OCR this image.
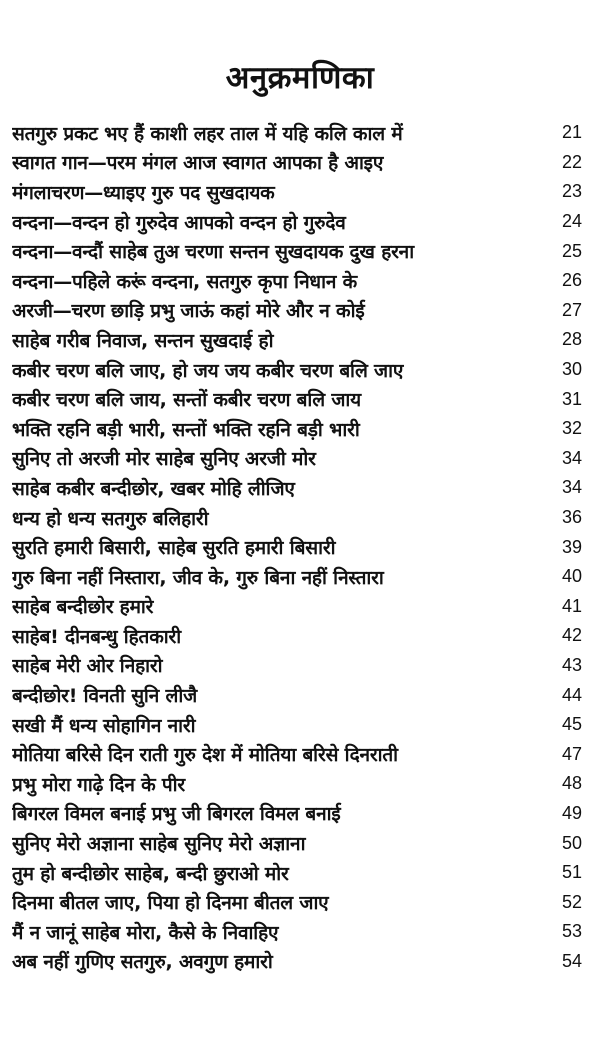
अनुक्रमणिका
सतगुरु प्रकट भए हैं काशी लहर ताल में यहि कलि काल में	21
स्वागत गान—परम मंगल आज स्वागत आपका है आइए	22
मंगलाचरण—ध्याइए गुरु पद सुखदायक	23
वन्दना—वन्दन हो गुरुदेव आपको वन्दन हो गुरुदेव	24
वन्दना—वन्दौं साहेब तुअ चरणा सन्तन सुखदायक दुख हरना	25
वन्दना—पहिले करूं वन्दना, सतगुरु कृपा निधान के	26
अरजी—चरण छाड़ि प्रभु जाऊं कहां मोरे और न कोई	27
साहेब गरीब निवाज, सन्तन सुखदाई हो	28
कबीर चरण बलि जाए, हो जय जय कबीर चरण बलि जाए	30
कबीर चरण बलि जाय, सन्तों कबीर चरण बलि जाय	31
भक्ति रहनि बड़ी भारी, सन्तों भक्ति रहनि बड़ी भारी	32
सुनिए तो अरजी मोर साहेब सुनिए अरजी मोर	34
साहेब कबीर बन्दीछोर, खबर मोहि लीजिए	34
धन्य हो धन्य सतगुरु बलिहारी	36
सुरति हमारी बिसारी, साहेब सुरति हमारी बिसारी	39
गुरु बिना नहीं निस्तारा, जीव के, गुरु बिना नहीं निस्तारा	40
साहेब बन्दीछोर हमारे	41
साहेब! दीनबन्धु हितकारी	42
साहेब मेरी ओर निहारो	43
बन्दीछोर! विनती सुनि लीजै	44
सखी मैं धन्य सोहागिन नारी	45
मोतिया बरिसे दिन राती गुरु देश में मोतिया बरिसे दिनराती	47
प्रभु मोरा गाढ़े दिन के पीर	48
बिगरल विमल बनाई प्रभु जी बिगरल विमल बनाई	49
सुनिए मेरो अज्ञाना साहेब सुनिए मेरो अज्ञाना	50
तुम हो बन्दीछोर साहेब, बन्दी छुराओ मोर	51
दिनमा बीतल जाए, पिया हो दिनमा बीतल जाए	52
मैं न जानूं साहेब मोरा, कैसे के निवाहिए	53
अब नहीं गुणिए सतगुरु, अवगुण हमारो	54
